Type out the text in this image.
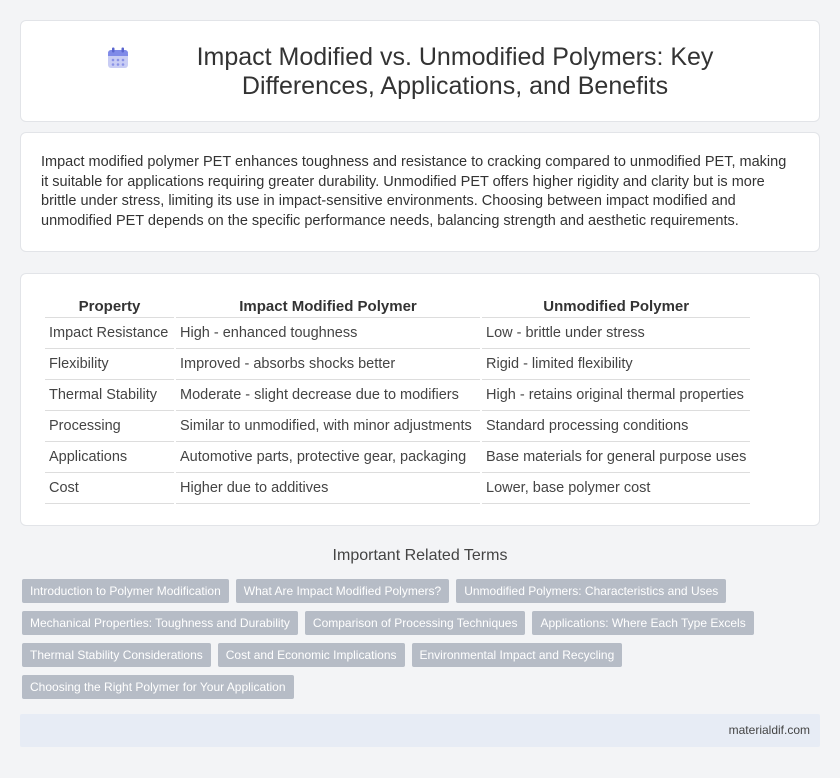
Impact Modified vs. Unmodified Polymers: Key Differences, Applications, and Benefits

Impact modified polymer PET enhances toughness and resistance to cracking compared to unmodified PET, making it suitable for applications requiring greater durability. Unmodified PET offers higher rigidity and clarity but is more brittle under stress, limiting its use in impact-sensitive environments. Choosing between impact modified and unmodified PET depends on the specific performance needs, balancing strength and aesthetic requirements.

Property	Impact Modified Polymer	Unmodified Polymer
Impact Resistance	High - enhanced toughness	Low - brittle under stress
Flexibility	Improved - absorbs shocks better	Rigid - limited flexibility
Thermal Stability	Moderate - slight decrease due to modifiers	High - retains original thermal properties
Processing	Similar to unmodified, with minor adjustments	Standard processing conditions
Applications	Automotive parts, protective gear, packaging	Base materials for general purpose uses
Cost	Higher due to additives	Lower, base polymer cost
Important Related Terms
Introduction to Polymer Modification	What Are Impact Modified Polymers?	Unmodified Polymers: Characteristics and Uses
Mechanical Properties: Toughness and Durability	Comparison of Processing Techniques	Applications: Where Each Type Excels
Thermal Stability Considerations	Cost and Economic Implications	Environmental Impact and Recycling
Choosing the Right Polymer for Your Application
materialdif.com
